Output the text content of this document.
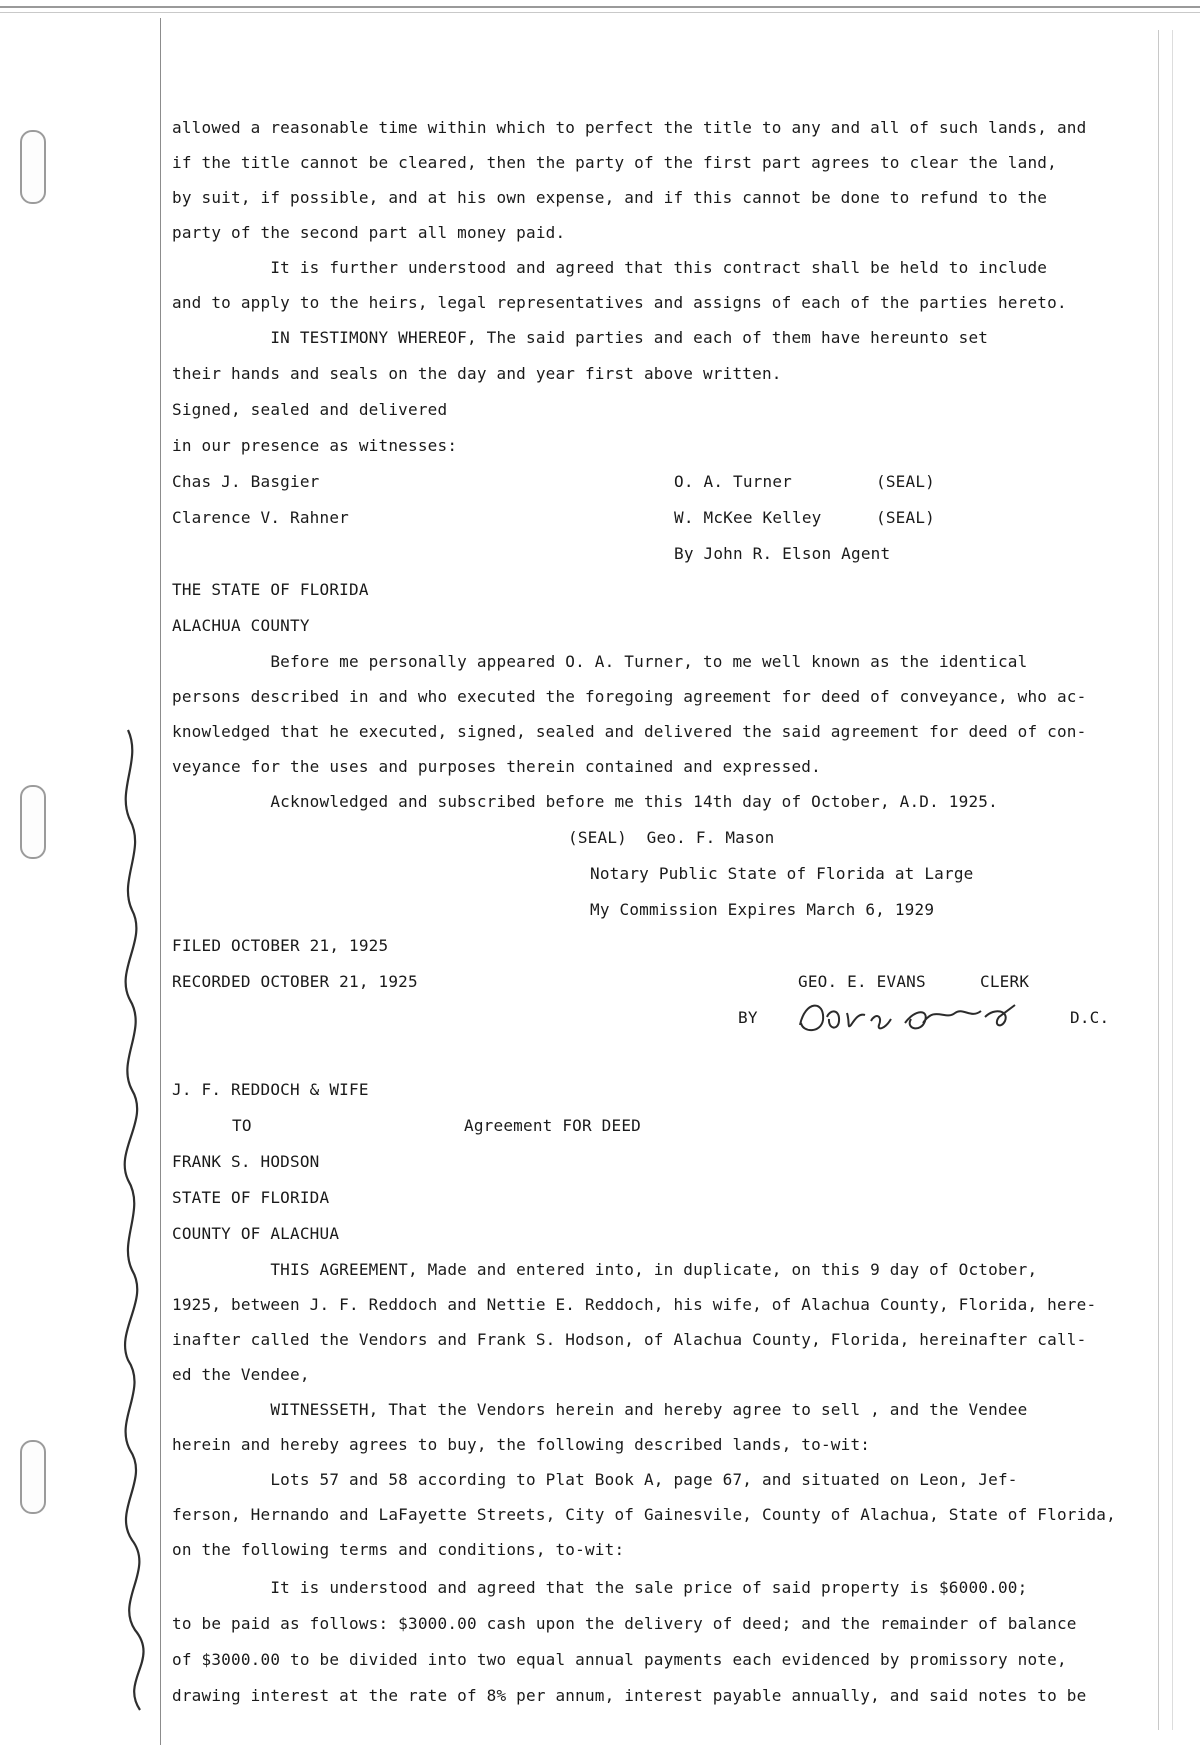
allowed a reasonable time within which to perfect the title to any and all of such lands, and
if the title cannot be cleared, then the party of the first part agrees to clear the land,
by suit, if possible, and at his own expense, and if this cannot be done to refund to the
party of the second part all money paid.
It is further understood and agreed that this contract shall be held to include
and to apply to the heirs, legal representatives and assigns of each of the parties hereto.
IN TESTIMONY WHEREOF, The said parties and each of them have hereunto set
their hands and seals on the day and year first above written.
Signed, sealed and delivered
in our presence as witnesses:
Chas J. Basgier	O. A. Turner	(SEAL)
Clarence V. Rahner	W. McKee Kelley	(SEAL)
By John R. Elson Agent
THE STATE OF FLORIDA
ALACHUA COUNTY
Before me personally appeared O. A. Turner, to me well known as the identical
persons described in and who executed the foregoing agreement for deed of conveyance, who ac-
knowledged that he executed, signed, sealed and delivered the said agreement for deed of con-
veyance for the uses and purposes therein contained and expressed.
Acknowledged and subscribed before me this 14th day of October, A.D. 1925.
(SEAL)  Geo. F. Mason
Notary Public State of Florida at Large
My Commission Expires March 6, 1929
FILED OCTOBER 21, 1925
RECORDED OCTOBER 21, 1925	GEO. E. EVANS	CLERK
BY	D.C.
J. F. REDDOCH & WIFE
TO	Agreement FOR DEED
FRANK S. HODSON
STATE OF FLORIDA
COUNTY OF ALACHUA
THIS AGREEMENT, Made and entered into, in duplicate, on this 9 day of October,
1925, between J. F. Reddoch and Nettie E. Reddoch, his wife, of Alachua County, Florida, here-
inafter called the Vendors and Frank S. Hodson, of Alachua County, Florida, hereinafter call-
ed the Vendee,
WITNESSETH, That the Vendors herein and hereby agree to sell , and the Vendee
herein and hereby agrees to buy, the following described lands, to-wit:
Lots 57 and 58 according to Plat Book A, page 67, and situated on Leon, Jef-
ferson, Hernando and LaFayette Streets, City of Gainesvile, County of Alachua, State of Florida,
on the following terms and conditions, to-wit:
It is understood and agreed that the sale price of said property is $6000.00;
to be paid as follows: $3000.00 cash upon the delivery of deed; and the remainder of balance
of $3000.00 to be divided into two equal annual payments each evidenced by promissory note,
drawing interest at the rate of 8% per annum, interest payable annually, and said notes to be
